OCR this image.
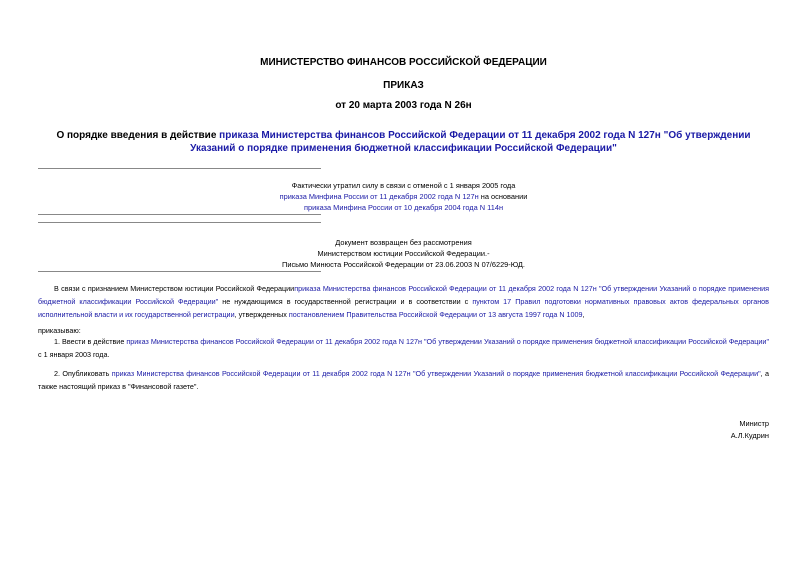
МИНИСТЕРСТВО ФИНАНСОВ РОССИЙСКОЙ ФЕДЕРАЦИИ
ПРИКАЗ
от 20 марта 2003 года N 26н
О порядке введения в действие приказа Министерства финансов Российской Федерации от 11 декабря 2002 года N 127н "Об утверждении Указаний о порядке применения бюджетной классификации Российской Федерации"
Фактически утратил силу в связи с отменой с 1 января 2005 года
приказа Минфина России от 11 декабря 2002 года N 127н на основании
приказа Минфина России от 10 декабря 2004 года N 114н
Документ возвращен без рассмотрения
Министерством юстиции Российской Федерации.-
Письмо Минюста Российской Федерации от 23.06.2003 N 07/6229-ЮД.
В связи с признанием Министерством юстиции Российской Федерацииприказа Министерства финансов Российской Федерации от 11 декабря 2002 года N 127н "Об утверждении Указаний о порядке применения бюджетной классификации Российской Федерации" не нуждающимся в государственной регистрации и в соответствии с пунктом 17 Правил подготовки нормативных правовых актов федеральных органов исполнительной власти и их государственной регистрации, утвержденных постановлением Правительства Российской Федерации от 13 августа 1997 года N 1009,
приказываю:
1. Ввести в действие приказ Министерства финансов Российской Федерации от 11 декабря 2002 года N 127н "Об утверждении Указаний о порядке применения бюджетной классификации Российской Федерации" с 1 января 2003 года.
2. Опубликовать приказ Министерства финансов Российской Федерации от 11 декабря 2002 года N 127н "Об утверждении Указаний о порядке применения бюджетной классификации Российской Федерации", а также настоящий приказ в "Финансовой газете".
Министр
А.Л.Кудрин
